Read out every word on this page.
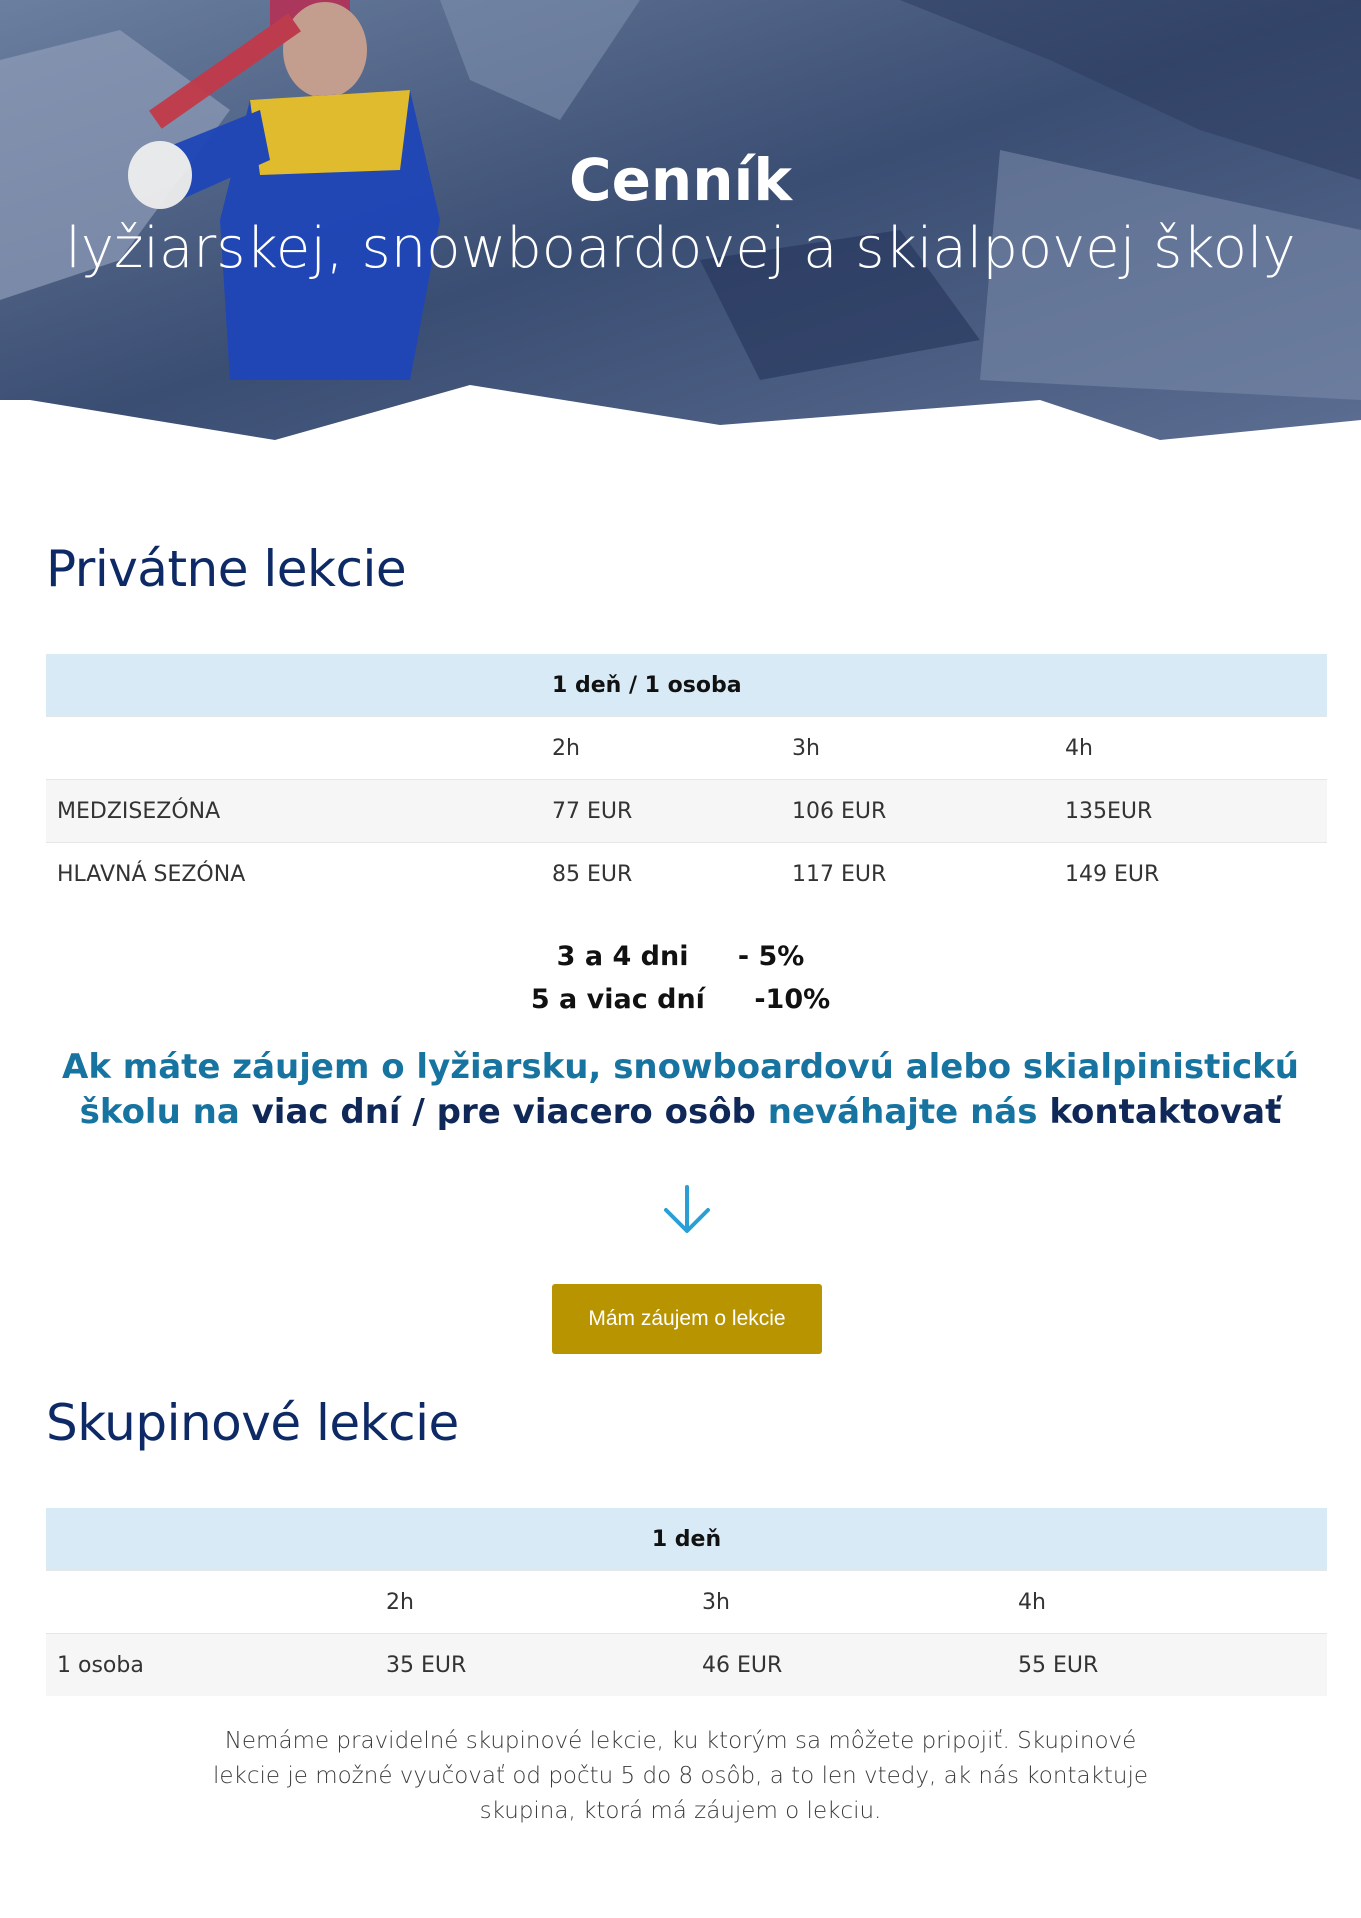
Cenník
lyžiarskej, snowboardovej a skialpovej školy
Privátne lekcie
	1 deň / 1 osoba		
	2h	3h	4h
MEDZISEZÓNA	77 EUR	106 EUR	135EUR
HLAVNÁ SEZÓNA	85 EUR	117 EUR	149 EUR
3 a 4 dni - 5%
5 a viac dní -10%
Ak máte záujem o lyžiarsku, snowboardovú alebo skialpinistickú
školu na viac dní / pre viacero osôb neváhajte nás kontaktovať
Mám záujem o lekcie
Skupinové lekcie
1 deň			
	2h	3h	4h
1 osoba	35 EUR	46 EUR	55 EUR

Nemáme pravidelné skupinové lekcie, ku ktorým sa môžete pripojiť. Skupinové lekcie je možné vyučovať od počtu 5 do 8 osôb, a to len vtedy, ak nás kontaktuje skupina, ktorá má záujem o lekciu.
